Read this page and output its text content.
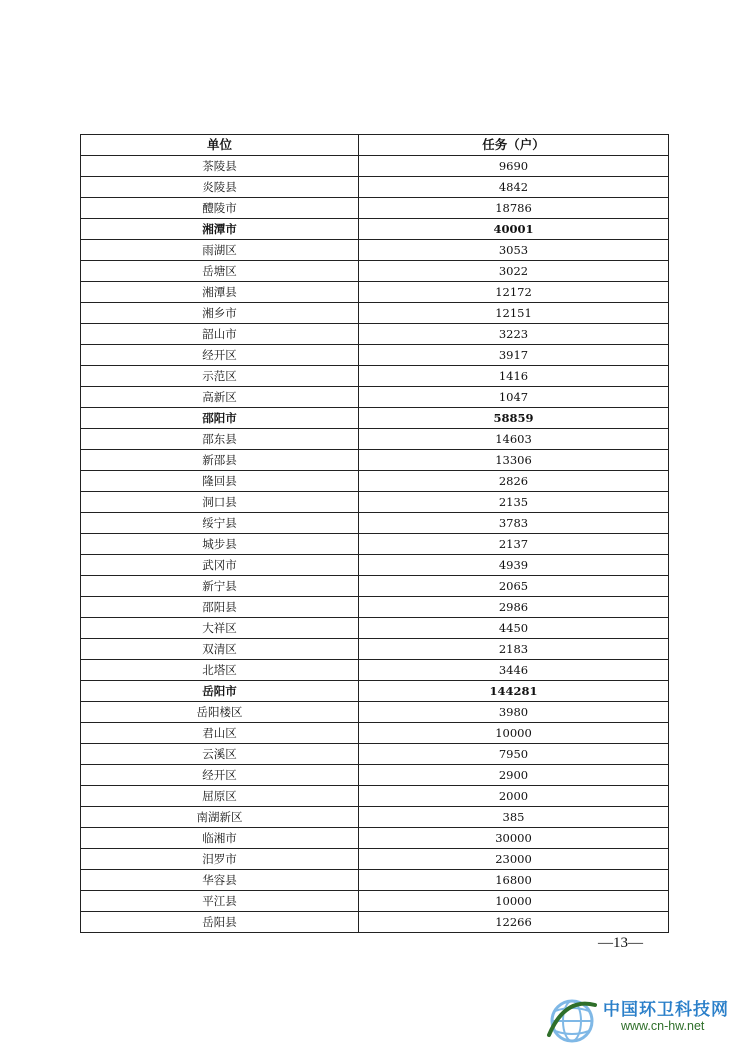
单位	任务（户）
茶陵县	9690
炎陵县	4842
醴陵市	18786
湘潭市	40001
雨湖区	3053
岳塘区	3022
湘潭县	12172
湘乡市	12151
韶山市	3223
经开区	3917
示范区	1416
高新区	1047
邵阳市	58859
邵东县	14603
新邵县	13306
隆回县	2826
洞口县	2135
绥宁县	3783
城步县	2137
武冈市	4939
新宁县	2065
邵阳县	2986
大祥区	4450
双清区	2183
北塔区	3446
岳阳市	144281
岳阳楼区	3980
君山区	10000
云溪区	7950
经开区	2900
屈原区	2000
南湖新区	385
临湘市	30000
汨罗市	23000
华容县	16800
平江县	10000
岳阳县	12266
—13—
中国环卫科技网
www.cn-hw.net
